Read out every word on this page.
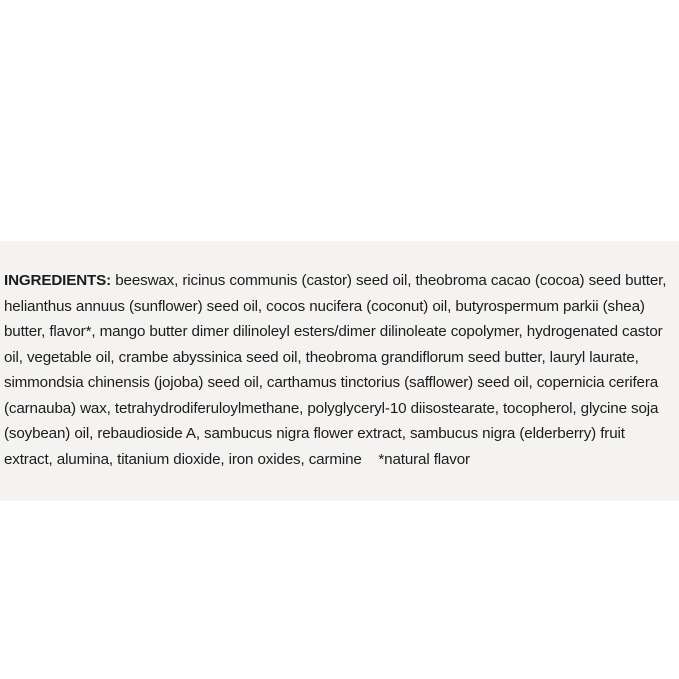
INGREDIENTS: beeswax, ricinus communis (castor) seed oil, theobroma cacao (cocoa) seed butter, helianthus annuus (sunflower) seed oil, cocos nucifera (coconut) oil, butyrospermum parkii (shea) butter, flavor*, mango butter dimer dilinoleyl esters/dimer dilinoleate copolymer, hydrogenated castor oil, vegetable oil, crambe abyssinica seed oil, theobroma grandiflorum seed butter, lauryl laurate, simmondsia chinensis (jojoba) seed oil, carthamus tinctorius (safflower) seed oil, copernicia cerifera (carnauba) wax, tetrahydrodiferuloylmethane, polyglyceryl-10 diisostearate, tocopherol, glycine soja (soybean) oil, rebaudioside A, sambucus nigra flower extract, sambucus nigra (elderberry) fruit extract, alumina, titanium dioxide, iron oxides, carmine    *natural flavor
